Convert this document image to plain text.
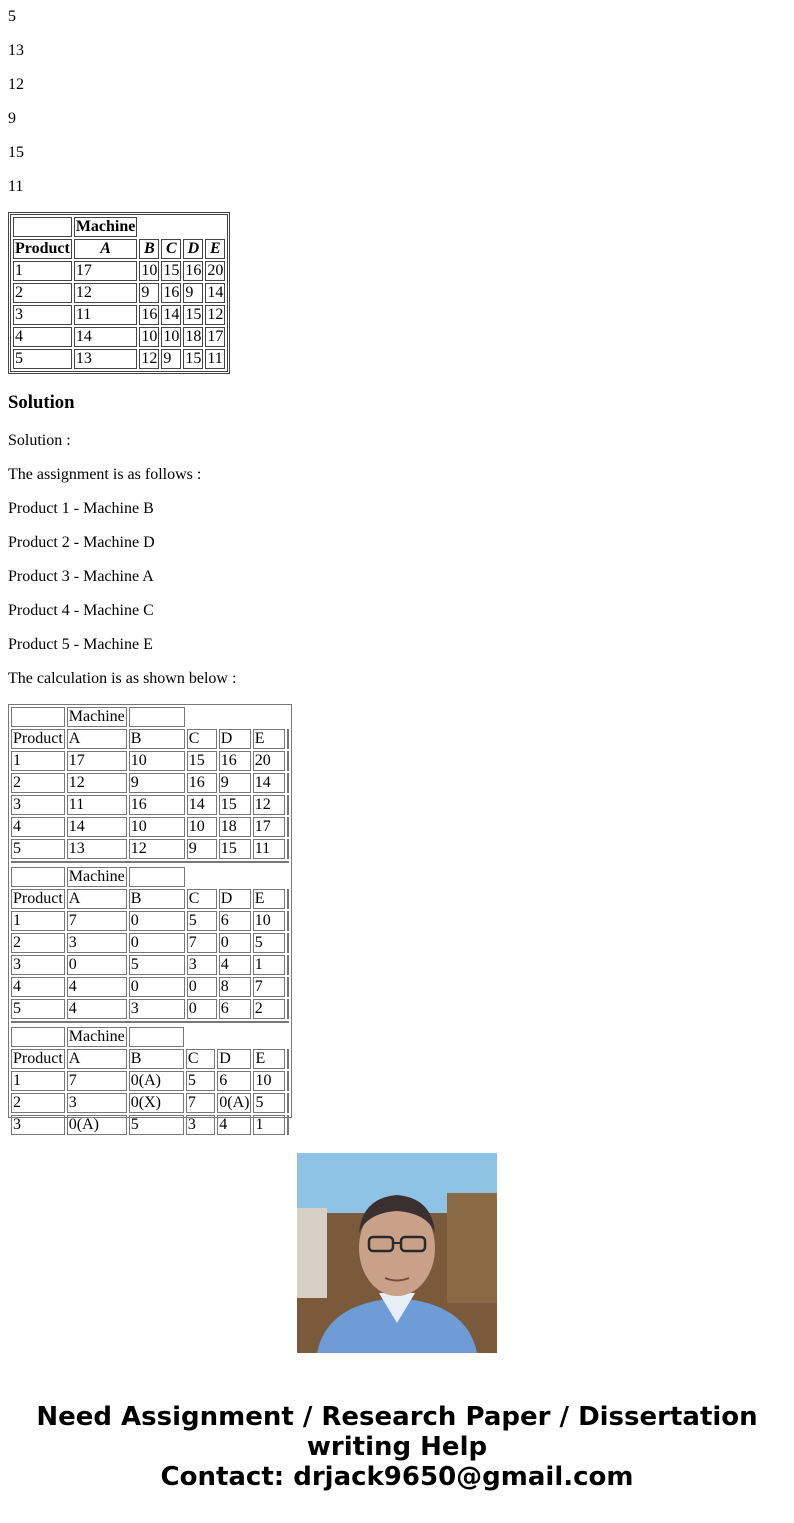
5

13

12

9

15

11

	Machine				
Product	A	B	C	D	E
1	17	10	15	16	20
2	12	9	16	9	14
3	11	16	14	15	12
4	14	10	10	18	17
5	13	12	9	15	11
Solution

Solution :

The assignment is as follows :

Product 1 - Machine B

Product 2 - Machine D

Product 3 - Machine A

Product 4 - Machine C

Product 5 - Machine E

The calculation is as shown below :

	Machine					
Product	A	B	C	D	E	
1	17	10	15	16	20	
2	12	9	16	9	14	
3	11	16	14	15	12	
4	14	10	10	18	17	
5	13	12	9	15	11	
	Machine					
Product	A	B	C	D	E	
1	7	0	5	6	10	
2	3	0	7	0	5	
3	0	5	3	4	1	
4	4	0	0	8	7	
5	4	3	0	6	2	
	Machine					
Product	A	B	C	D	E	
1	7	0(A)	5	6	10	
2	3	0(X)	7	0(A)	5	
3	0(A)	5	3	4	1	
Need Assignment / Research Paper / Dissertation
writing Help
Contact: drjack9650@gmail.com
